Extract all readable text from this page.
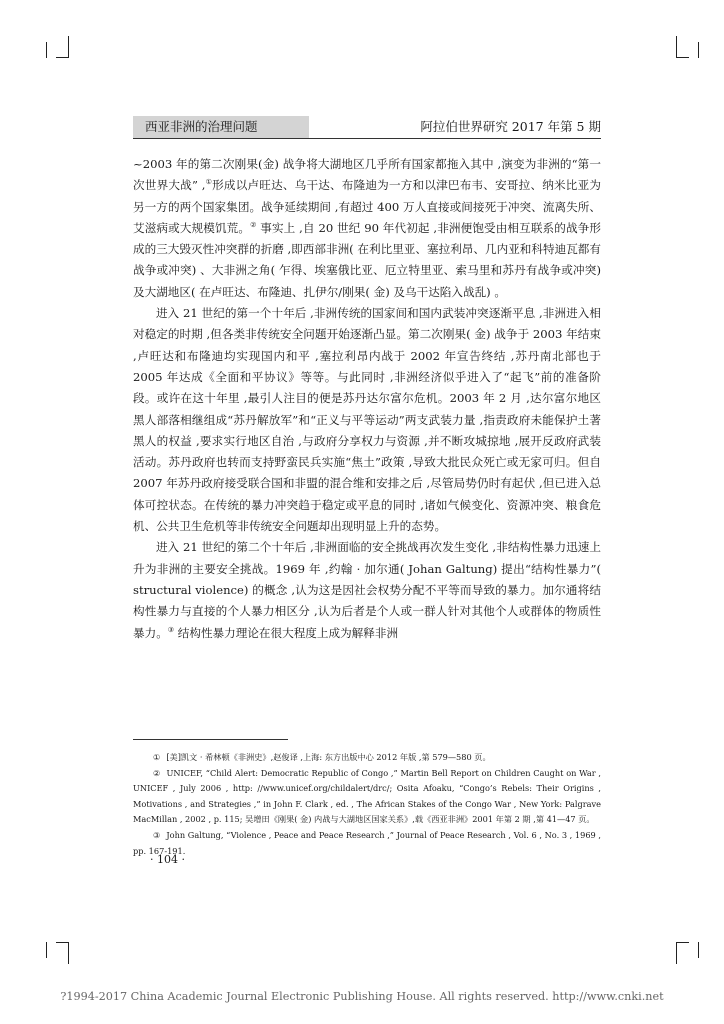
西亚非洲的治理问题	阿拉伯世界研究 2017 年第 5 期

~2003 年的第二次刚果(金) 战争将大湖地区几乎所有国家都拖入其中 ,演变为非洲的“第一次世界大战” ,①形成以卢旺达、乌干达、布隆迪为一方和以津巴布韦、安哥拉、纳米比亚为另一方的两个国家集团。战争延续期间 ,有超过 400 万人直接或间接死于冲突、流离失所、艾滋病或大规模饥荒。② 事实上 ,自 20 世纪 90 年代初起 ,非洲便饱受由相互联系的战争形成的三大毁灭性冲突群的折磨 ,即西部非洲( 在利比里亚、塞拉利昂、几内亚和科特迪瓦都有战争或冲突) 、大非洲之角( 乍得、埃塞俄比亚、厄立特里亚、索马里和苏丹有战争或冲突) 及大湖地区( 在卢旺达、布隆迪、扎伊尔/刚果( 金) 及乌干达陷入战乱) 。

进入 21 世纪的第一个十年后 ,非洲传统的国家间和国内武装冲突逐渐平息 ,非洲进入相对稳定的时期 ,但各类非传统安全问题开始逐渐凸显。第二次刚果( 金) 战争于 2003 年结束 ,卢旺达和布隆迪均实现国内和平 ,塞拉利昂内战于 2002 年宣告终结 ,苏丹南北部也于 2005 年达成《全面和平协议》等等。与此同时 ,非洲经济似乎进入了“起飞”前的准备阶段。或许在这十年里 ,最引人注目的便是苏丹达尔富尔危机。2003 年 2 月 ,达尔富尔地区黑人部落相继组成“苏丹解放军”和“正义与平等运动”两支武装力量 ,指责政府未能保护土著黑人的权益 ,要求实行地区自治 ,与政府分享权力与资源 ,并不断攻城掠地 ,展开反政府武装活动。苏丹政府也转而支持野蛮民兵实施“焦土”政策 ,导致大批民众死亡或无家可归。但自 2007 年苏丹政府接受联合国和非盟的混合维和安排之后 ,尽管局势仍时有起伏 ,但已进入总体可控状态。在传统的暴力冲突趋于稳定或平息的同时 ,诸如气候变化、资源冲突、粮食危机、公共卫生危机等非传统安全问题却出现明显上升的态势。

进入 21 世纪的第二个十年后 ,非洲面临的安全挑战再次发生变化 ,非结构性暴力迅速上升为非洲的主要安全挑战。1969 年 ,约翰 · 加尔通( Johan Galtung) 提出“结构性暴力”( structural violence) 的概念 ,认为这是因社会权势分配不平等而导致的暴力。加尔通将结构性暴力与直接的个人暴力相区分 ,认为后者是个人或一群人针对其他个人或群体的物质性暴力。③ 结构性暴力理论在很大程度上成为解释非洲

① [美]凯文 · 希林顿《非洲史》,赵俊译 ,上海: 东方出版中心 2012 年版 ,第 579—580 页。

② UNICEF, “Child Alert: Democratic Republic of Congo ,” Martin Bell Report on Children Caught on War , UNICEF , July 2006 , http: //www.unicef.org/childalert/drc/; Osita Afoaku, “Congo’s Rebels: Their Origins , Motivations , and Strategies ,” in John F. Clark , ed. , The African Stakes of the Congo War , New York: Palgrave MacMillan , 2002 , p. 115; 吴增田《刚果( 金) 内战与大湖地区国家关系》,载《西亚非洲》2001 年第 2 期 ,第 41—47 页。

③ John Galtung, “Violence , Peace and Peace Research ,” Journal of Peace Research , Vol. 6 , No. 3 , 1969 , pp. 167-191.

· 104 ·
?1994-2017 China Academic Journal Electronic Publishing House. All rights reserved. http://www.cnki.net
